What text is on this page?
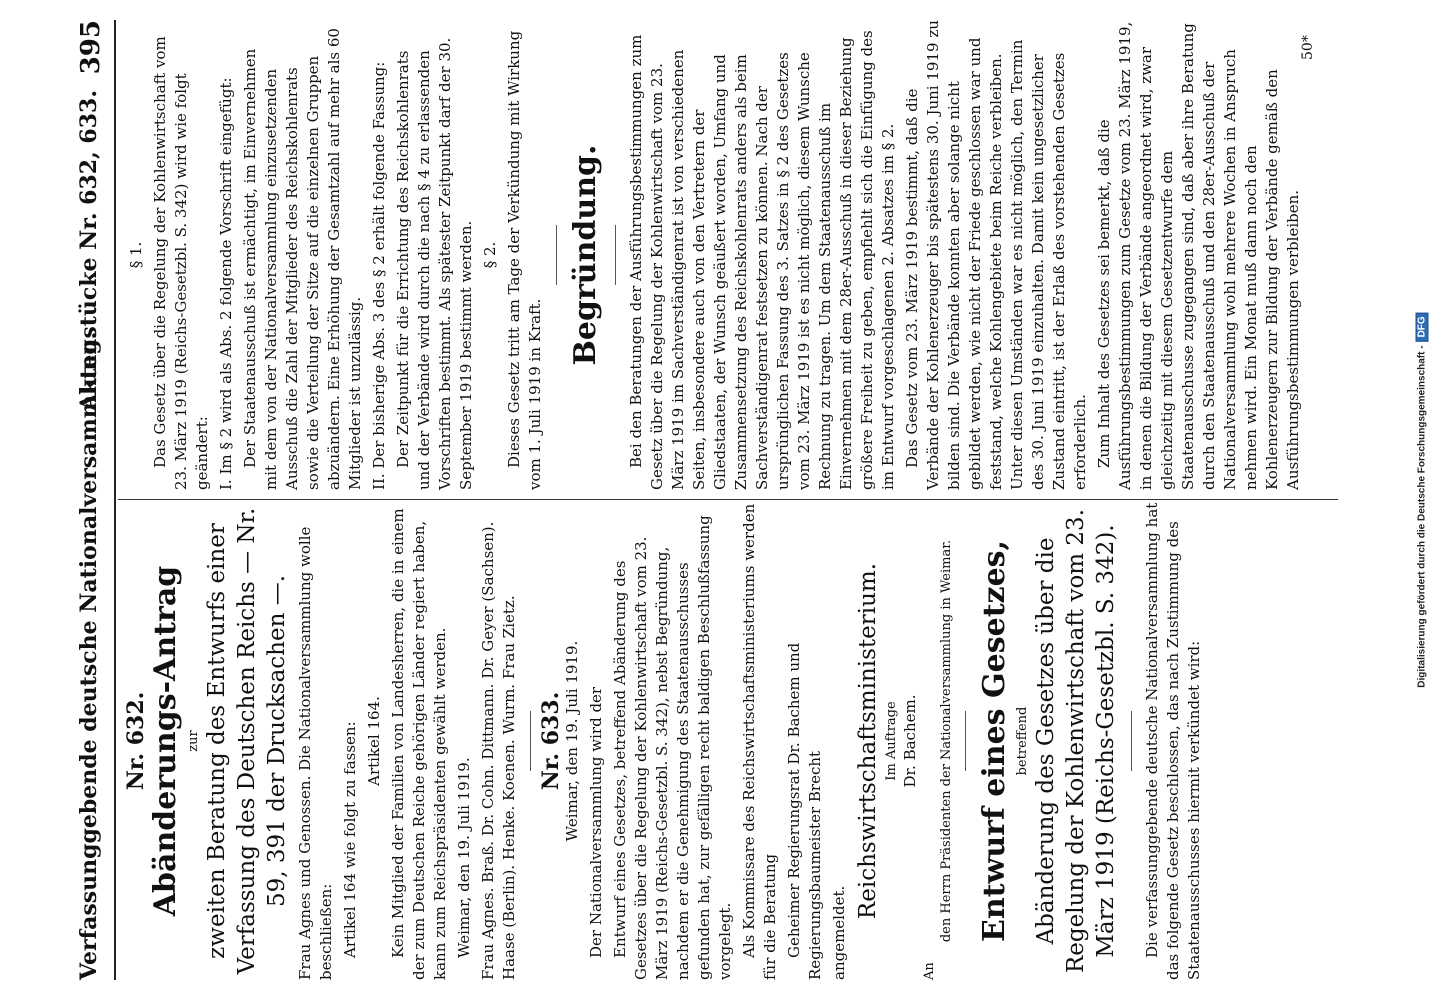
Verfassunggebende deutsche Nationalversammlung.
Aktenstücke Nr. 632, 633.
395
Nr. 632. Abänderungs-Antrag zur zweiten Beratung des Entwurfs einer Verfassung des Deutschen Reichs — Nr. 59, 391 der Drucksachen —. Frau Agnes und Genossen. Die Nationalversammlung wolle beschließen: Artikel 164 wie folgt zu fassen: Artikel 164. Kein Mitglied der Familien von Landesherren, die in einem der zum Deutschen Reiche gehörigen Länder regiert haben, kann zum Reichspräsidenten gewählt werden. Weimar, den 19. Juli 1919. Frau Agnes. Braß. Dr. Cohn. Dittmann. Dr. Geyer (Sachsen). Haase (Berlin). Henke. Koenen. Wurm. Frau Zietz. Nr. 633. Weimar, den 19. Juli 1919. Der Nationalversammlung wird der Entwurf eines Gesetzes, betreffend Abänderung des Gesetzes über die Regelung der Kohlenwirtschaft vom 23. März 1919 (Reichs-Gesetzbl. S. 342), nebst Begründung, nachdem er die Genehmigung des Staatenausschusses gefunden hat, zur gefälligen recht baldigen Beschlußfassung vorgelegt. Als Kommissare des Reichswirtschaftsministeriums werden für die Beratung Geheimer Regierungsrat Dr. Bachem und Regierungsbaumeister Brecht angemeldet.

Reichswirtschaftsministerium. Im Auftrage Dr. Bachem.
An
den Herrn Präsidenten der Nationalversammlung in Weimar. Entwurf eines Gesetzes, betreffend Abänderung des Gesetzes über die Regelung der Kohlenwirtschaft vom 23. März 1919 (Reichs-Gesetzbl. S. 342). Die verfassunggebende deutsche Nationalversammlung hat das folgende Gesetz beschlossen, das nach Zustimmung des Staatenausschusses hiermit verkündet wird:

§ 1. Das Gesetz über die Regelung der Kohlenwirtschaft vom 23. März 1919 (Reichs-Gesetzbl. S. 342) wird wie folgt geändert: I. Im § 2 wird als Abs. 2 folgende Vorschrift eingefügt: Der Staatenausschuß ist ermächtigt, im Einvernehmen mit dem von der Nationalversammlung einzusetzenden Ausschuß die Zahl der Mitglieder des Reichskohlenrats sowie die Verteilung der Sitze auf die einzelnen Gruppen abzuändern. Eine Erhöhung der Gesamtzahl auf mehr als 60 Mitglieder ist unzulässig. II. Der bisherige Abs. 3 des § 2 erhält folgende Fassung: Der Zeitpunkt für die Errichtung des Reichskohlenrats und der Verbände wird durch die nach § 4 zu erlassenden Vorschriften bestimmt. Als spätester Zeitpunkt darf der 30. September 1919 bestimmt werden. § 2. Dieses Gesetz tritt am Tage der Verkündung mit Wirkung vom 1. Juli 1919 in Kraft.

Begründung. Bei den Beratungen der Ausführungsbestimmungen zum Gesetz über die Regelung der Kohlenwirtschaft vom 23. März 1919 im Sachverständigenrat ist von verschiedenen Seiten, insbesondere auch von den Vertretern der Gliedstaaten, der Wunsch geäußert worden, Umfang und Zusammensetzung des Reichskohlenrats anders als beim Sachverständigenrat festsetzen zu können. Nach der ursprünglichen Fassung des 3. Satzes in § 2 des Gesetzes vom 23. März 1919 ist es nicht möglich, diesem Wunsche Rechnung zu tragen. Um dem Staatenausschuß im Einvernehmen mit dem 28er-Ausschuß in dieser Beziehung größere Freiheit zu geben, empfiehlt sich die Einfügung des im Entwurf vorgeschlagenen 2. Absatzes im § 2. Das Gesetz vom 23. März 1919 bestimmt, daß die Verbände der Kohlenerzeuger bis spätestens 30. Juni 1919 zu bilden sind. Die Verbände konnten aber solange nicht gebildet werden, wie nicht der Friede geschlossen war und feststand, welche Kohlengebiete beim Reiche verbleiben. Unter diesen Umständen war es nicht möglich, den Termin des 30. Juni 1919 einzuhalten. Damit kein ungesetzlicher Zustand eintritt, ist der Erlaß des vorstehenden Gesetzes erforderlich. Zum Inhalt des Gesetzes sei bemerkt, daß die Ausführungsbestimmungen zum Gesetze vom 23. März 1919, in denen die Bildung der Verbände angeordnet wird, zwar gleichzeitig mit diesem Gesetzentwurfe dem Staatenausschusse zugegangen sind, daß aber ihre Beratung durch den Staatenausschuß und den 28er-Ausschuß der Nationalversammlung wohl mehrere Wochen in Anspruch nehmen wird. Ein Monat muß dann noch den Kohlenerzeugern zur Bildung der Verbände gemäß den Ausführungsbestimmungen verbleiben.

50*
Digitalisierung gefördert durch die Deutsche Forschungsgemeinschaft -DFG
